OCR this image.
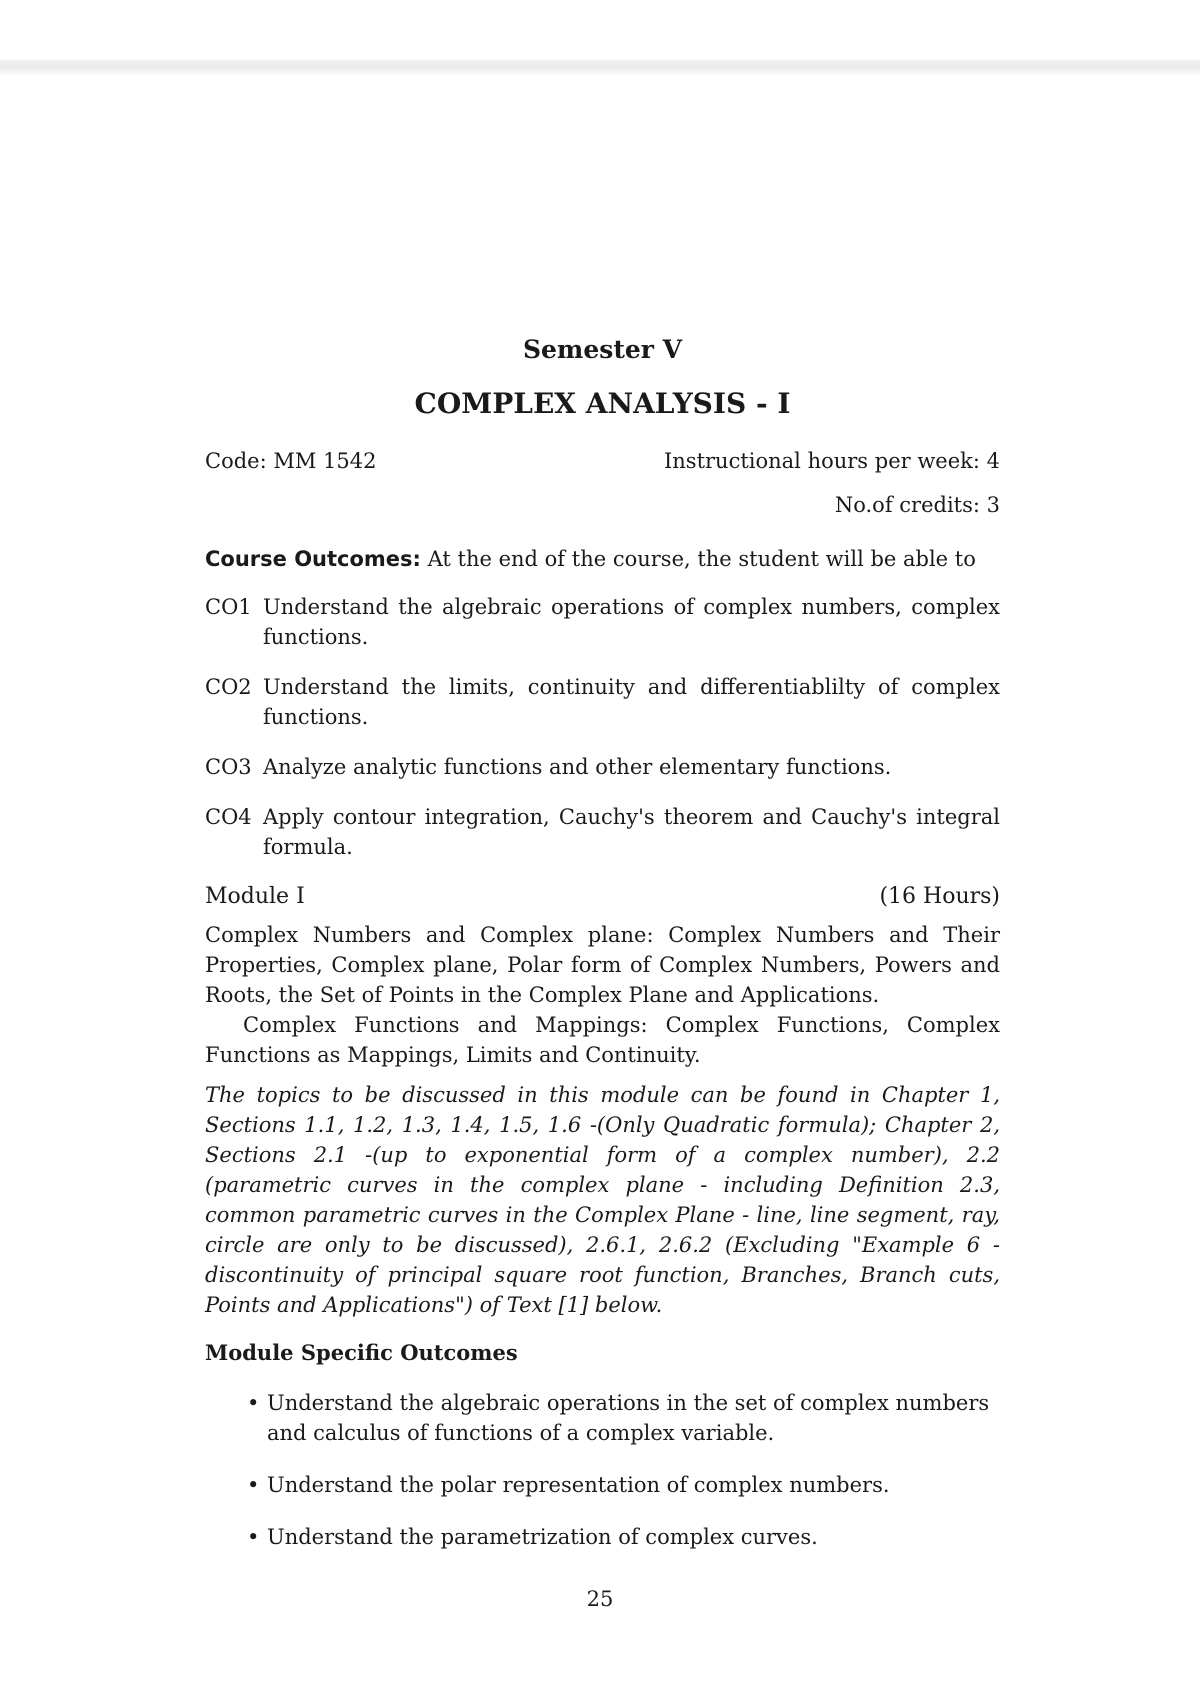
Semester V
COMPLEX ANALYSIS - I
Code: MM 1542	Instructional hours per week: 4
No.of credits: 3
Course Outcomes: At the end of the course, the student will be able to
CO1 Understand the algebraic operations of complex numbers, complex functions.
CO2 Understand the limits, continuity and differentiablilty of complex functions.
CO3 Analyze analytic functions and other elementary functions.
CO4 Apply contour integration, Cauchy's theorem and Cauchy's integral formula.
Module I	(16 Hours)

Complex Numbers and Complex plane: Complex Numbers and Their Properties, Complex plane, Polar form of Complex Numbers, Powers and Roots, the Set of Points in the Complex Plane and Applications.

Complex Functions and Mappings: Complex Functions, Complex Functions as Mappings, Limits and Continuity.

The topics to be discussed in this module can be found in Chapter 1, Sections 1.1, 1.2, 1.3, 1.4, 1.5, 1.6 -(Only Quadratic formula); Chapter 2, Sections 2.1 -(up to exponential form of a complex number), 2.2 (parametric curves in the complex plane - including Definition 2.3, common parametric curves in the Complex Plane - line, line segment, ray, circle are only to be discussed), 2.6.1, 2.6.2 (Excluding "Example 6 - discontinuity of principal square root function, Branches, Branch cuts, Points and Applications") of Text [1] below.
Module Specific Outcomes
• Understand the algebraic operations in the set of complex numbers and calculus of functions of a complex variable.
• Understand the polar representation of complex numbers.
• Understand the parametrization of complex curves.
25
